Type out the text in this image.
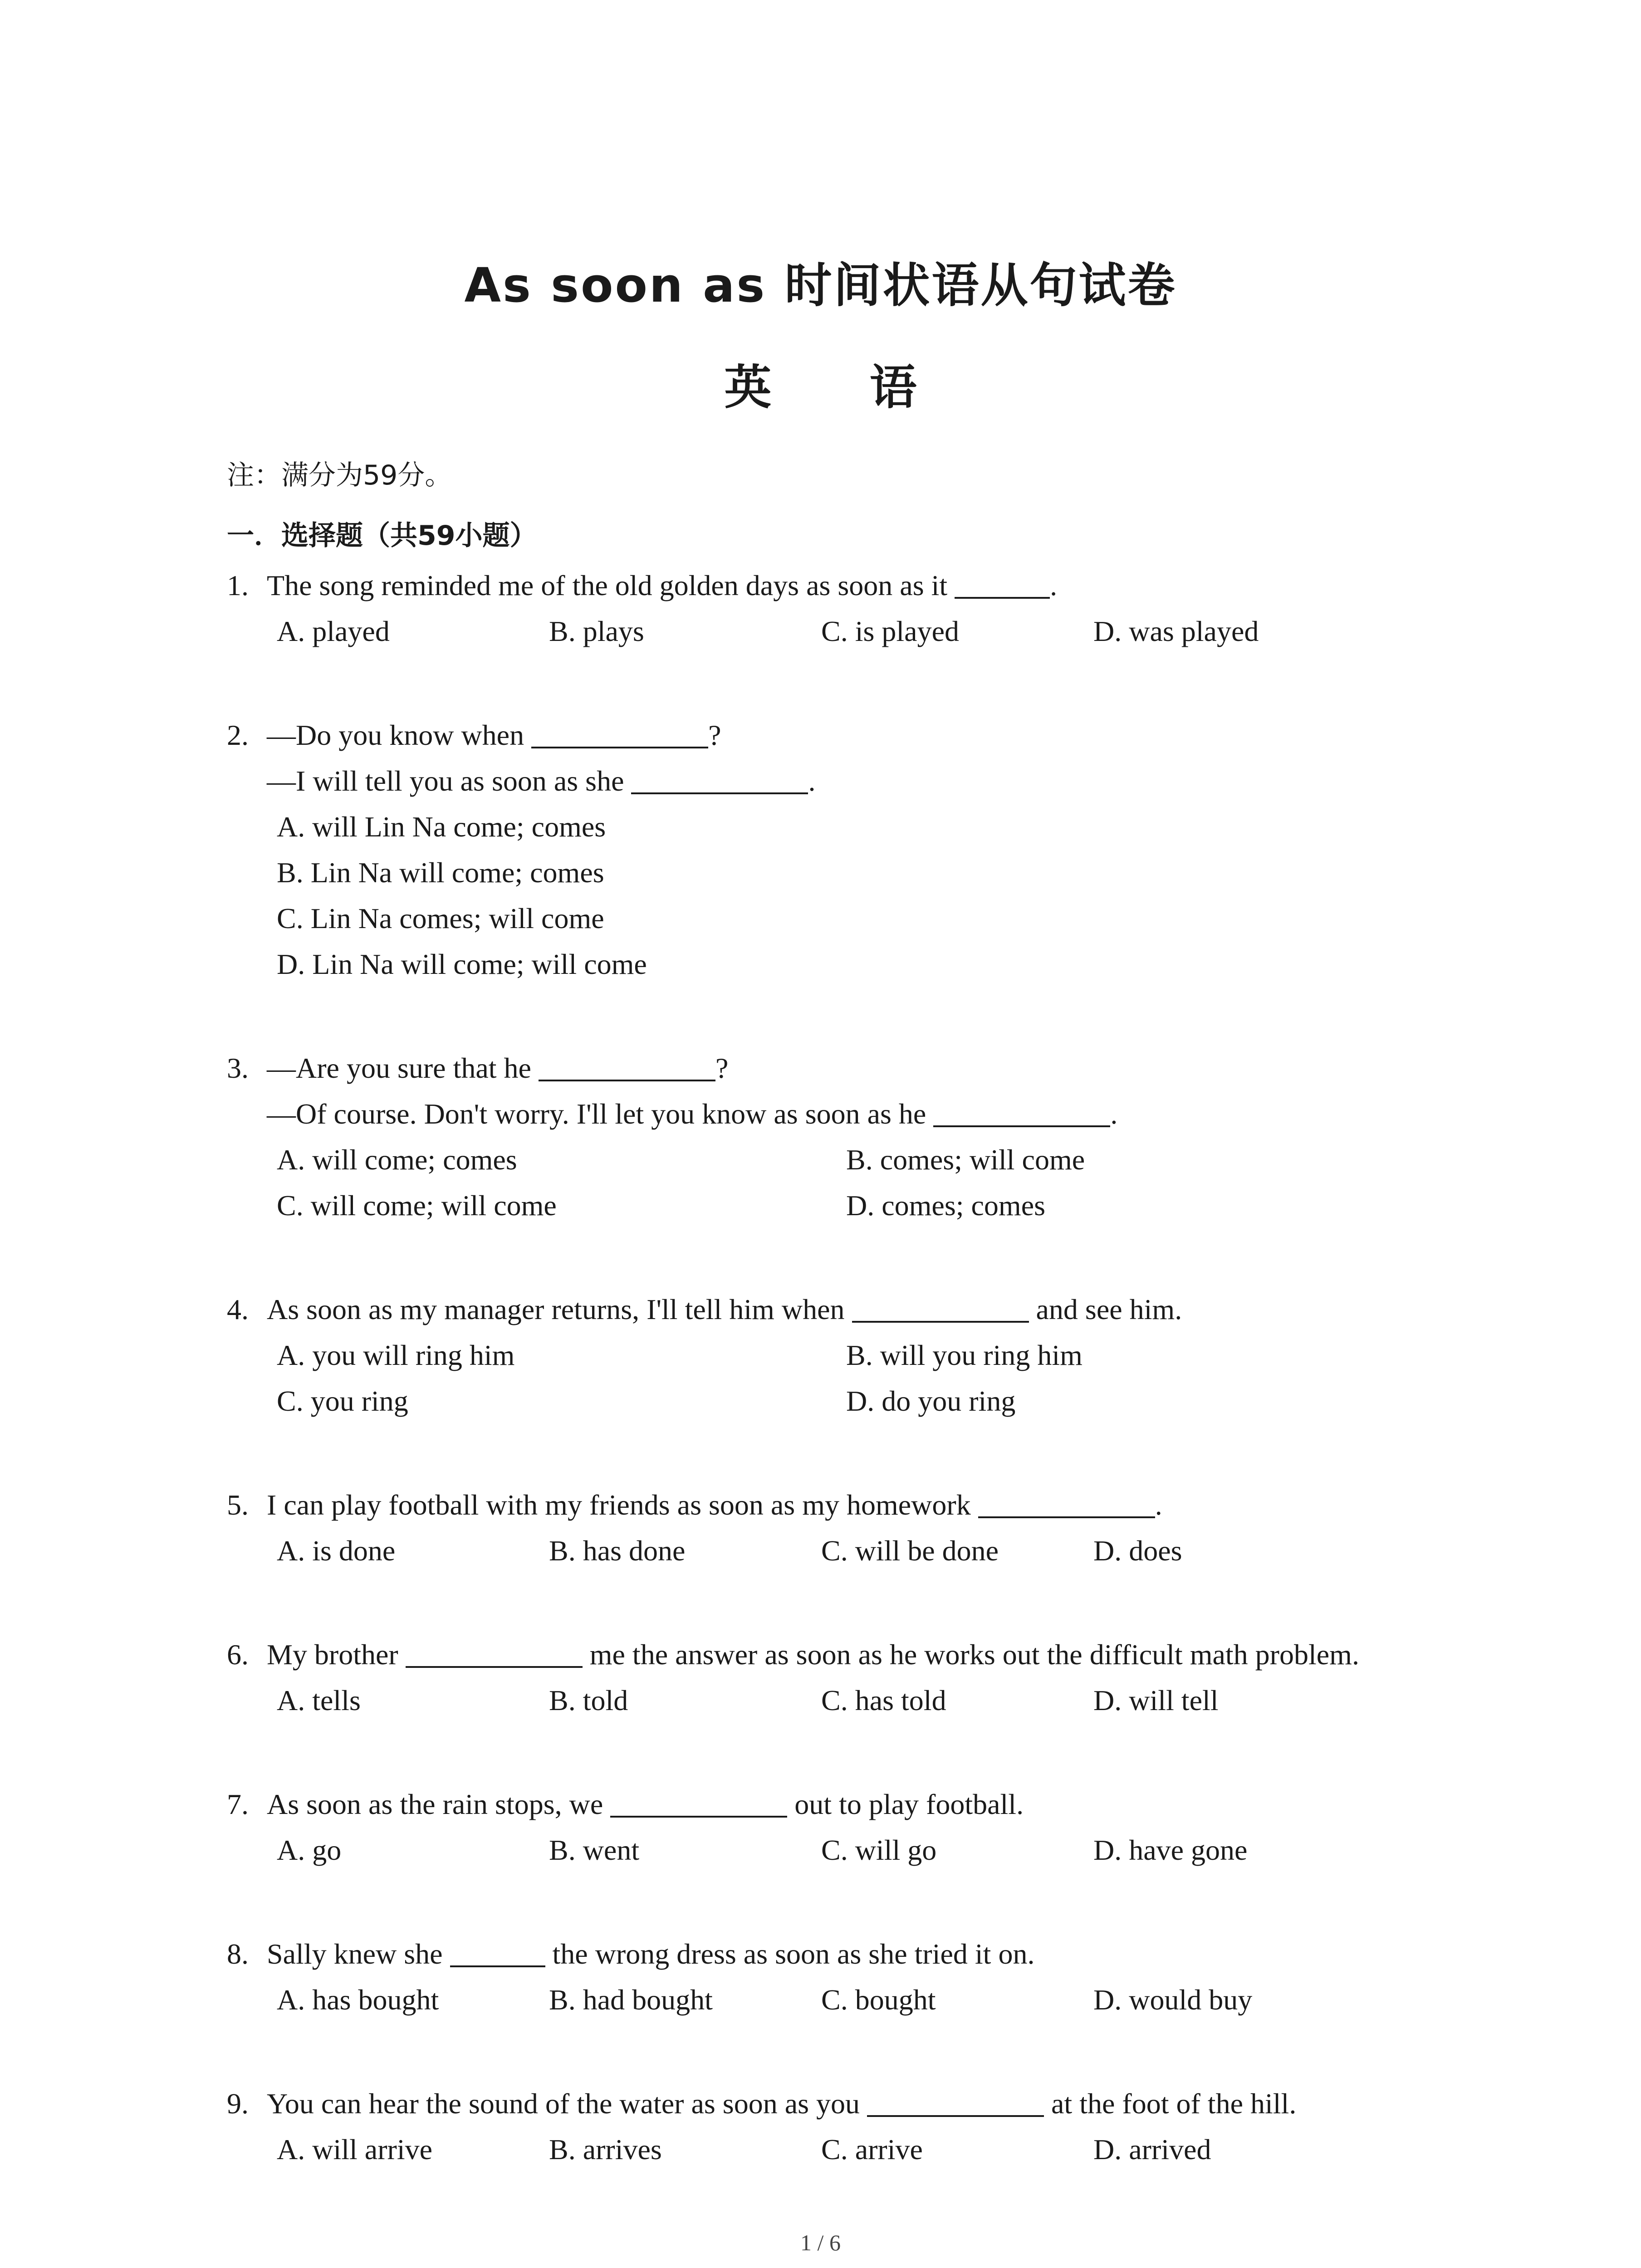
As soon as 时间状语从句试卷
英 语
注：满分为59分。
一．选择题（共59小题）
1. The song reminded me of the old golden days as soon as it	.
A. played	B. plays	C. is played	D. was played
2. —Do you know when	?
—I will tell you as soon as she	.
A. will Lin Na come; comes
B. Lin Na will come; comes
C. Lin Na comes; will come
D. Lin Na will come; will come
3. —Are you sure that he	?
—Of course. Don't worry. I'll let you know as soon as he	.
A. will come; comes	B. comes; will come
C. will come; will come	D. comes; comes
4. As soon as my manager returns, I'll tell him when	and see him.
A. you will ring him	B. will you ring him
C. you ring	D. do you ring
5. I can play football with my friends as soon as my homework	.
A. is done	B. has done	C. will be done	D. does
6. My brother	me the answer as soon as he works out the difficult math problem.
A. tells	B. told	C. has told	D. will tell
7. As soon as the rain stops, we	out to play football.
A. go	B. went	C. will go	D. have gone
8. Sally knew she	the wrong dress as soon as she tried it on.
A. has bought	B. had bought	C. bought	D. would buy
9. You can hear the sound of the water as soon as you	at the foot of the hill.
A. will arrive	B. arrives	C. arrive	D. arrived
1 / 6
